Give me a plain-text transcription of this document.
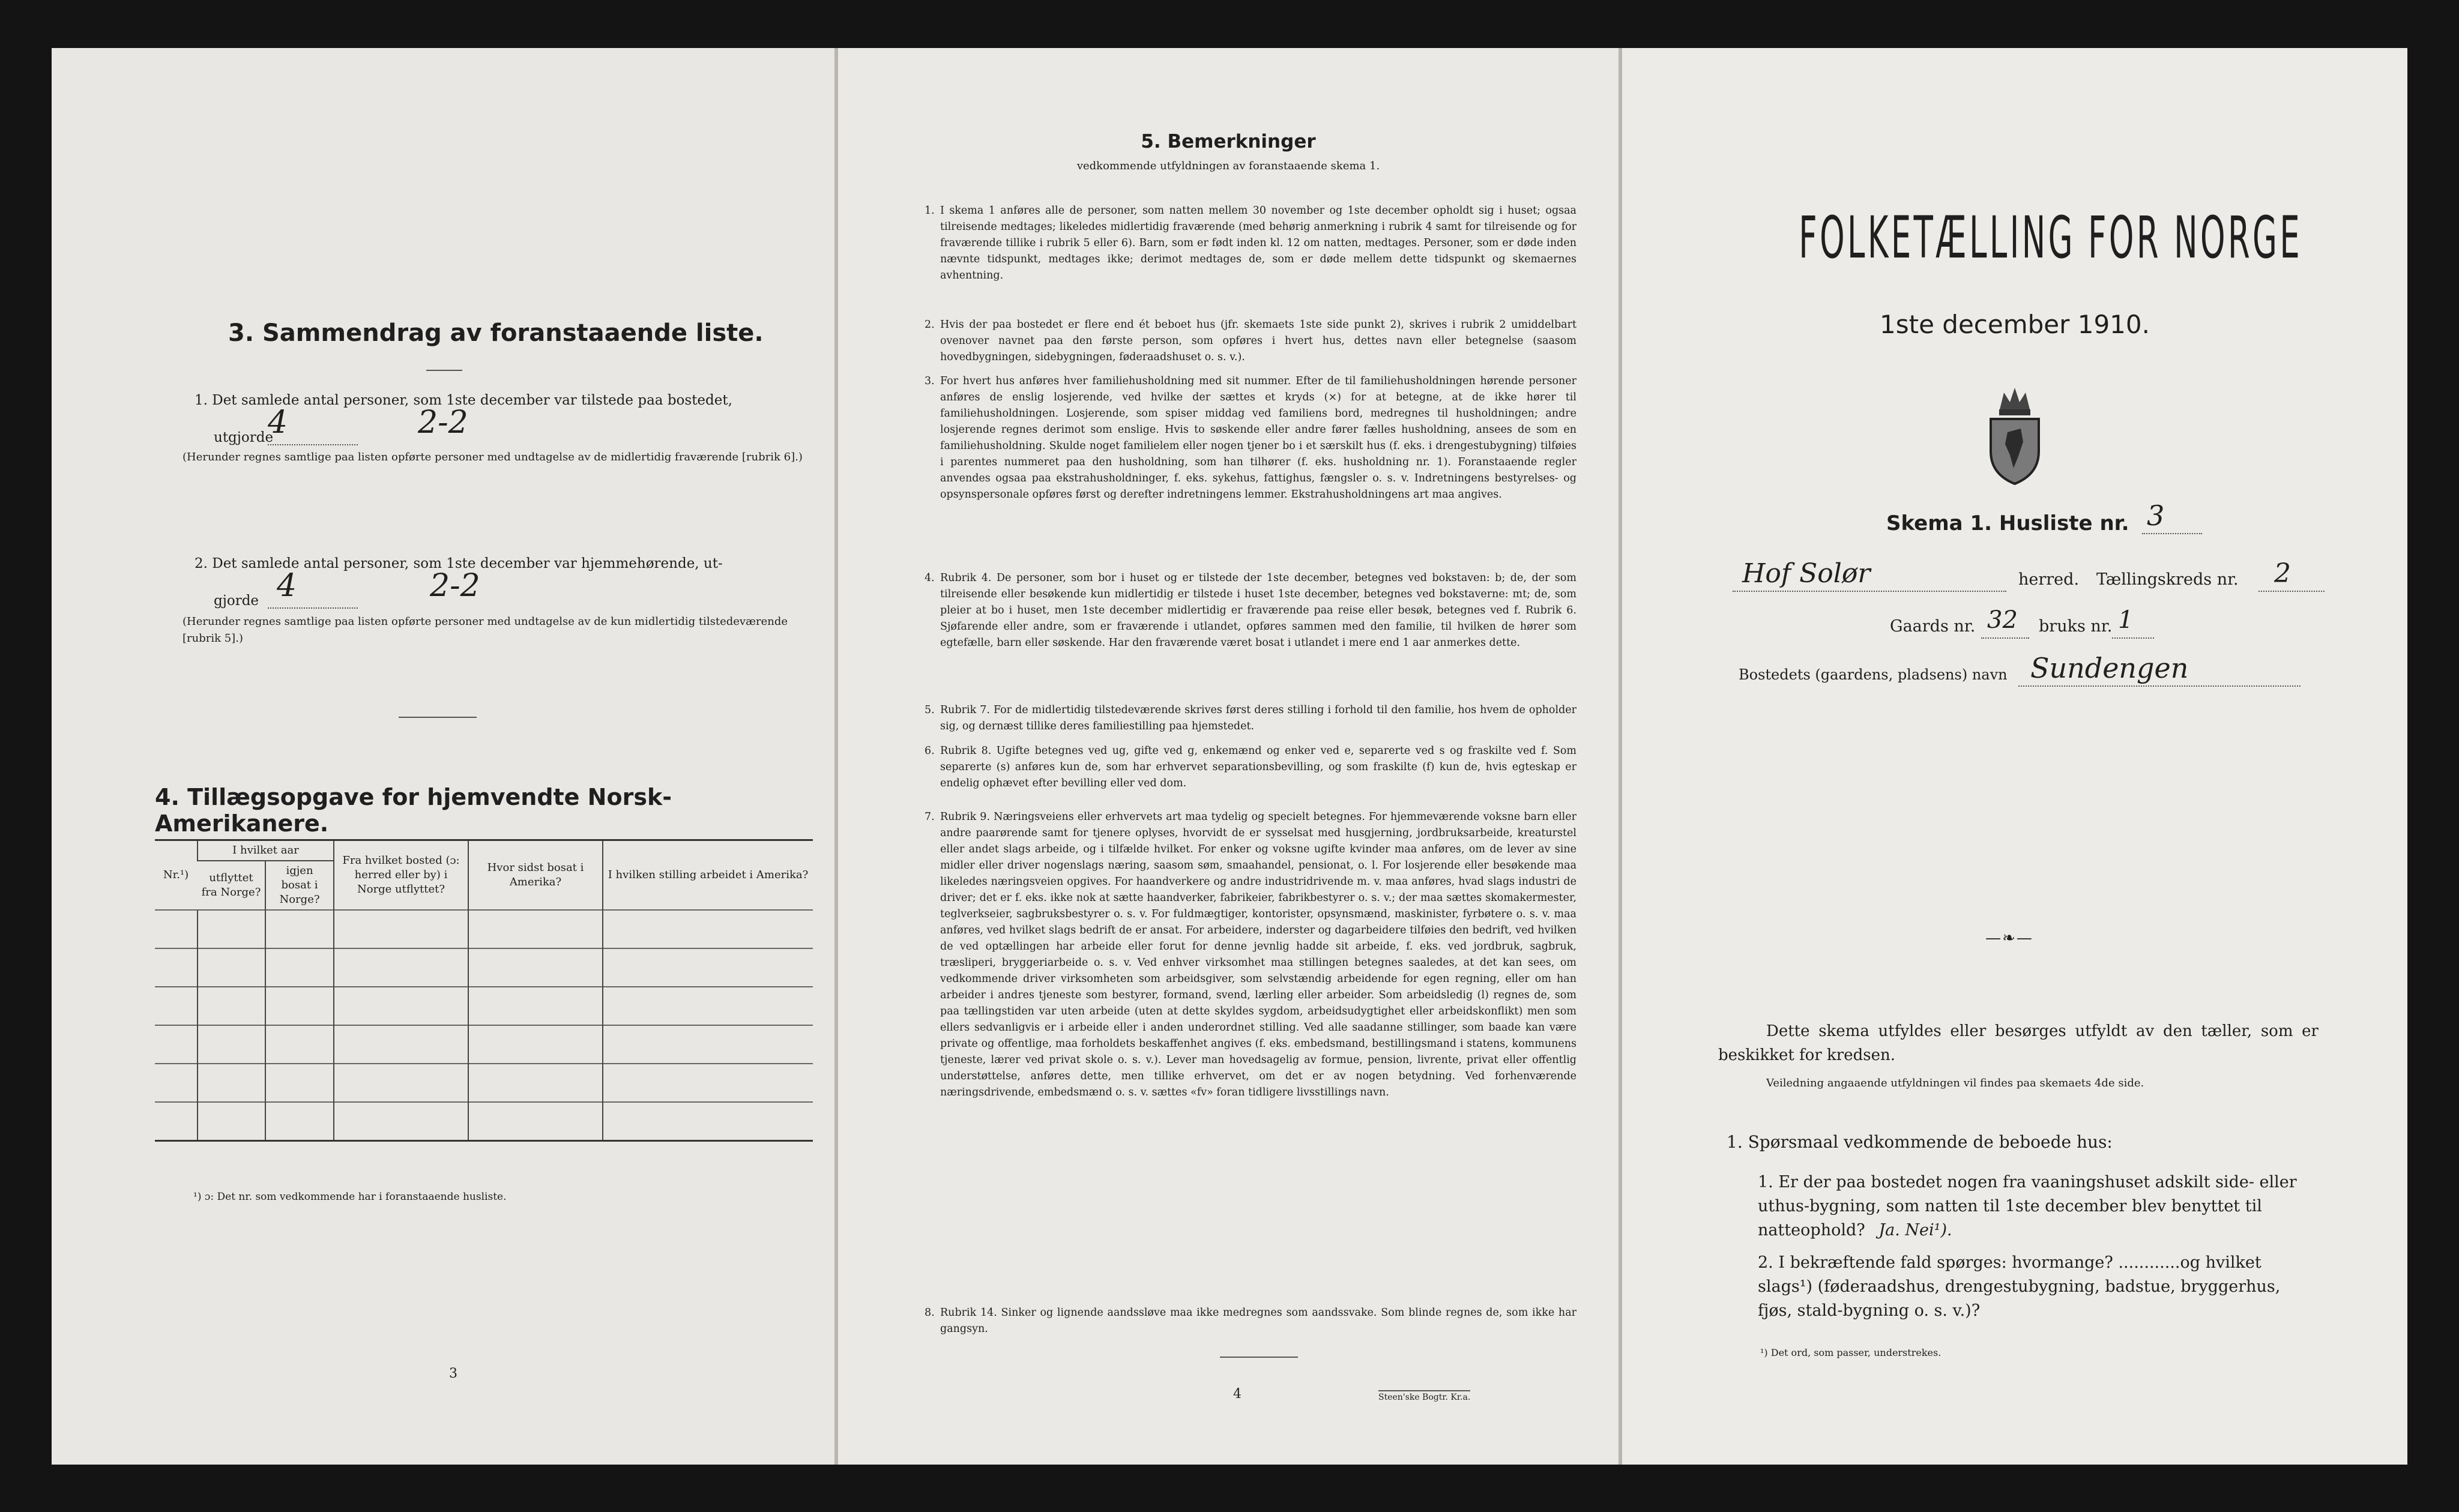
3. Sammendrag av foranstaaende liste.
1. Det samlede antal personer, som 1ste december var tilstede paa bostedet,
utgjorde
4	2-2
(Herunder regnes samtlige paa listen opførte personer med undtagelse av de midlertidig fraværende [rubrik 6].)
2. Det samlede antal personer, som 1ste december var hjemmehørende, ut-
gjorde 4	2-2
(Herunder regnes samtlige paa listen opførte personer med undtagelse av de kun midlertidig tilstedeværende [rubrik 5].)
4. Tillægsopgave for hjemvendte Norsk-Amerikanere.
Nr.¹)	I hvilket aar		Fra hvilket bosted (ɔ: herred eller by) i Norge utflyttet?	Hvor sidst bosat i Amerika?	I hvilken stilling arbeidet i Amerika?
	utflyttet fra Norge?	igjen bosat i Norge?			

¹) ɔ: Det nr. som vedkommende har i foranstaaende husliste.
3
5. Bemerkninger
vedkommende utfyldningen av foranstaaende skema 1.
1. I skema 1 anføres alle de personer, som natten mellem 30 november og 1ste december opholdt sig i huset; ogsaa tilreisende medtages; likeledes midlertidig fraværende (med behørig anmerkning i rubrik 4 samt for tilreisende og for fraværende tillike i rubrik 5 eller 6). Barn, som er født inden kl. 12 om natten, medtages. Personer, som er døde inden nævnte tidspunkt, medtages ikke; derimot medtages de, som er døde mellem dette tidspunkt og skemaernes avhentning.
2. Hvis der paa bostedet er flere end ét beboet hus (jfr. skemaets 1ste side punkt 2), skrives i rubrik 2 umiddelbart ovenover navnet paa den første person, som opføres i hvert hus, dettes navn eller betegnelse (saasom hovedbygningen, sidebygningen, føderaadshuset o. s. v.).
3. For hvert hus anføres hver familiehusholdning med sit nummer. Efter de til familiehusholdningen hørende personer anføres de enslig losjerende, ved hvilke der sættes et kryds (×) for at betegne, at de ikke hører til familiehusholdningen. Losjerende, som spiser middag ved familiens bord, medregnes til husholdningen; andre losjerende regnes derimot som enslige. Hvis to søskende eller andre fører fælles husholdning, ansees de som en familiehusholdning. Skulde noget familielem eller nogen tjener bo i et særskilt hus (f. eks. i drengestubygning) tilføies i parentes nummeret paa den husholdning, som han tilhører (f. eks. husholdning nr. 1). Foranstaaende regler anvendes ogsaa paa ekstrahusholdninger, f. eks. sykehus, fattighus, fængsler o. s. v. Indretningens bestyrelses- og opsynspersonale opføres først og derefter indretningens lemmer. Ekstrahusholdningens art maa angives.
4. Rubrik 4. De personer, som bor i huset og er tilstede der 1ste december, betegnes ved bokstaven: b; de, der som tilreisende eller besøkende kun midlertidig er tilstede i huset 1ste december, betegnes ved bokstaverne: mt; de, som pleier at bo i huset, men 1ste december midlertidig er fraværende paa reise eller besøk, betegnes ved f. Rubrik 6. Sjøfarende eller andre, som er fraværende i utlandet, opføres sammen med den familie, til hvilken de hører som egtefælle, barn eller søskende. Har den fraværende været bosat i utlandet i mere end 1 aar anmerkes dette.
5. Rubrik 7. For de midlertidig tilstedeværende skrives først deres stilling i forhold til den familie, hos hvem de opholder sig, og dernæst tillike deres familiestilling paa hjemstedet.
6. Rubrik 8. Ugifte betegnes ved ug, gifte ved g, enkemænd og enker ved e, separerte ved s og fraskilte ved f. Som separerte (s) anføres kun de, som har erhvervet separationsbevilling, og som fraskilte (f) kun de, hvis egteskap er endelig ophævet efter bevilling eller ved dom.
7. Rubrik 9. Næringsveiens eller erhvervets art maa tydelig og specielt betegnes. For hjemmeværende voksne barn eller andre paarørende samt for tjenere oplyses, hvorvidt de er sysselsat med husgjerning, jordbruksarbeide, kreaturstel eller andet slags arbeide, og i tilfælde hvilket. For enker og voksne ugifte kvinder maa anføres, om de lever av sine midler eller driver nogenslags næring, saasom søm, smaahandel, pensionat, o. l. For losjerende eller besøkende maa likeledes næringsveien opgives. For haandverkere og andre industridrivende m. v. maa anføres, hvad slags industri de driver; det er f. eks. ikke nok at sætte haandverker, fabrikeier, fabrikbestyrer o. s. v.; der maa sættes skomakermester, teglverkseier, sagbruksbestyrer o. s. v. For fuldmægtiger, kontorister, opsynsmænd, maskinister, fyrbøtere o. s. v. maa anføres, ved hvilket slags bedrift de er ansat. For arbeidere, inderster og dagarbeidere tilføies den bedrift, ved hvilken de ved optællingen har arbeide eller forut for denne jevnlig hadde sit arbeide, f. eks. ved jordbruk, sagbruk, træsliperi, bryggeriarbeide o. s. v. Ved enhver virksomhet maa stillingen betegnes saaledes, at det kan sees, om vedkommende driver virksomheten som arbeidsgiver, som selvstændig arbeidende for egen regning, eller om han arbeider i andres tjeneste som bestyrer, formand, svend, lærling eller arbeider. Som arbeidsledig (l) regnes de, som paa tællingstiden var uten arbeide (uten at dette skyldes sygdom, arbeidsudygtighet eller arbeidskonflikt) men som ellers sedvanligvis er i arbeide eller i anden underordnet stilling. Ved alle saadanne stillinger, som baade kan være private og offentlige, maa forholdets beskaffenhet angives (f. eks. embedsmand, bestillingsmand i statens, kommunens tjeneste, lærer ved privat skole o. s. v.). Lever man hovedsagelig av formue, pension, livrente, privat eller offentlig understøttelse, anføres dette, men tillike erhvervet, om det er av nogen betydning. Ved forhenværende næringsdrivende, embedsmænd o. s. v. sættes «fv» foran tidligere livsstillings navn.
8. Rubrik 14. Sinker og lignende aandssløve maa ikke medregnes som aandssvake. Som blinde regnes de, som ikke har gangsyn.
4	Steen'ske Bogtr. Kr.a.
FOLKETÆLLING FOR NORGE
1ste december 1910.
Skema 1. Husliste nr. 3
Hof Solør	herred. Tællingskreds nr. 2
Gaards nr. 32 bruks nr. 1
Bostedets (gaardens, pladsens) navn Sundengen
—❧—
Dette skema utfyldes eller besørges utfyldt av den tæller, som er beskikket for kredsen.
Veiledning angaaende utfyldningen vil findes paa skemaets 4de side.
1. Spørsmaal vedkommende de beboede hus:
1. Er der paa bostedet nogen fra vaaningshuset adskilt side- eller uthus-bygning, som natten til 1ste december blev benyttet til natteophold? Ja. Nei¹).
2. I bekræftende fald spørges: hvormange? ............og hvilket slags¹) (føderaadshus, drengestubygning, badstue, bryggerhus, fjøs, stald-bygning o. s. v.)?
¹) Det ord, som passer, understrekes.
